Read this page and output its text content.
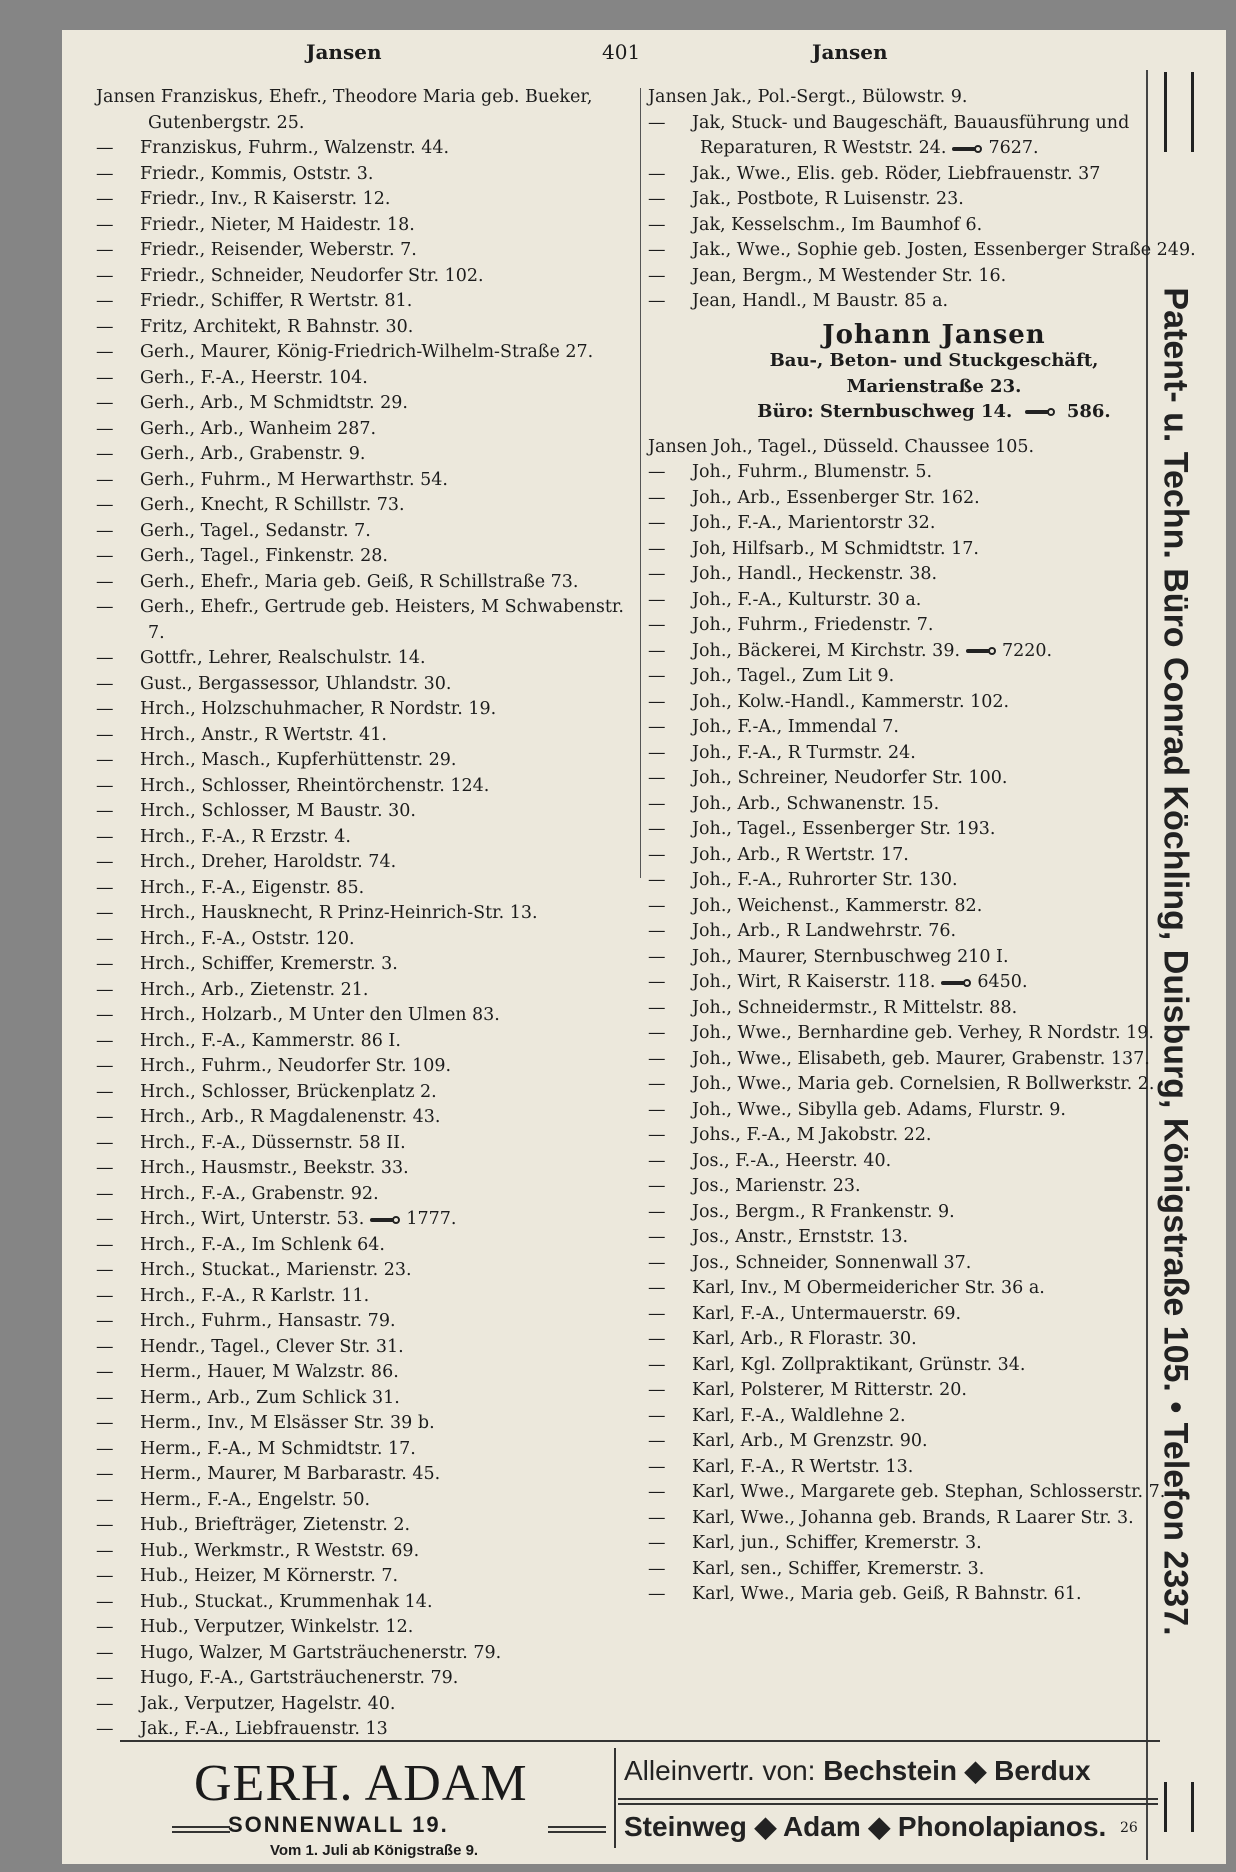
Jansen	401	Jansen
Jansen Franziskus, Ehefr., Theodore Maria geb. Bueker, Gutenbergstr. 25.
— Franziskus, Fuhrm., Walzenstr. 44.
— Friedr., Kommis, Oststr. 3.
— Friedr., Inv., R Kaiserstr. 12.
— Friedr., Nieter, M Haidestr. 18.
— Friedr., Reisender, Weberstr. 7.
— Friedr., Schneider, Neudorfer Str. 102.
— Friedr., Schiffer, R Wertstr. 81.
— Fritz, Architekt, R Bahnstr. 30.
— Gerh., Maurer, König-Friedrich-Wilhelm-Straße 27.
— Gerh., F.-A., Heerstr. 104.
— Gerh., Arb., M Schmidtstr. 29.
— Gerh., Arb., Wanheim 287.
— Gerh., Arb., Grabenstr. 9.
— Gerh., Fuhrm., M Herwarthstr. 54.
— Gerh., Knecht, R Schillstr. 73.
— Gerh., Tagel., Sedanstr. 7.
— Gerh., Tagel., Finkenstr. 28.
— Gerh., Ehefr., Maria geb. Geiß, R Schillstraße 73.
— Gerh., Ehefr., Gertrude geb. Heisters, M Schwabenstr. 7.
— Gottfr., Lehrer, Realschulstr. 14.
— Gust., Bergassessor, Uhlandstr. 30.
— Hrch., Holzschuhmacher, R Nordstr. 19.
— Hrch., Anstr., R Wertstr. 41.
— Hrch., Masch., Kupferhüttenstr. 29.
— Hrch., Schlosser, Rheintörchenstr. 124.
— Hrch., Schlosser, M Baustr. 30.
— Hrch., F.-A., R Erzstr. 4.
— Hrch., Dreher, Haroldstr. 74.
— Hrch., F.-A., Eigenstr. 85.
— Hrch., Hausknecht, R Prinz-Heinrich-Str. 13.
— Hrch., F.-A., Oststr. 120.
— Hrch., Schiffer, Kremerstr. 3.
— Hrch., Arb., Zietenstr. 21.
— Hrch., Holzarb., M Unter den Ulmen 83.
— Hrch., F.-A., Kammerstr. 86 I.
— Hrch., Fuhrm., Neudorfer Str. 109.
— Hrch., Schlosser, Brückenplatz 2.
— Hrch., Arb., R Magdalenenstr. 43.
— Hrch., F.-A., Düssernstr. 58 II.
— Hrch., Hausmstr., Beekstr. 33.
— Hrch., F.-A., Grabenstr. 92.
— Hrch., Wirt, Unterstr. 53. 1777.
— Hrch., F.-A., Im Schlenk 64.
— Hrch., Stuckat., Marienstr. 23.
— Hrch., F.-A., R Karlstr. 11.
— Hrch., Fuhrm., Hansastr. 79.
— Hendr., Tagel., Clever Str. 31.
— Herm., Hauer, M Walzstr. 86.
— Herm., Arb., Zum Schlick 31.
— Herm., Inv., M Elsässer Str. 39 b.
— Herm., F.-A., M Schmidtstr. 17.
— Herm., Maurer, M Barbarastr. 45.
— Herm., F.-A., Engelstr. 50.
— Hub., Briefträger, Zietenstr. 2.
— Hub., Werkmstr., R Weststr. 69.
— Hub., Heizer, M Körnerstr. 7.
— Hub., Stuckat., Krummenhak 14.
— Hub., Verputzer, Winkelstr. 12.
— Hugo, Walzer, M Gartsträuchenerstr. 79.
— Hugo, F.-A., Gartsträuchenerstr. 79.
— Jak., Verputzer, Hagelstr. 40.
— Jak., F.-A., Liebfrauenstr. 13
Jansen Jak., Pol.-Sergt., Bülowstr. 9.
— Jak, Stuck- und Baugeschäft, Bauausführung und Reparaturen, R Weststr. 24. 7627.
— Jak., Wwe., Elis. geb. Röder, Liebfrauenstr. 37
— Jak., Postbote, R Luisenstr. 23.
— Jak, Kesselschm., Im Baumhof 6.
— Jak., Wwe., Sophie geb. Josten, Essenberger Straße 249.
— Jean, Bergm., M Westender Str. 16.
— Jean, Handl., M Baustr. 85 a.
Johann Jansen
Bau-, Beton- und Stuckgeschäft,
Marienstraße 23.
Büro: Sternbuschweg 14.	586.
Jansen Joh., Tagel., Düsseld. Chaussee 105.
— Joh., Fuhrm., Blumenstr. 5.
— Joh., Arb., Essenberger Str. 162.
— Joh., F.-A., Marientorstr 32.
— Joh, Hilfsarb., M Schmidtstr. 17.
— Joh., Handl., Heckenstr. 38.
— Joh., F.-A., Kulturstr. 30 a.
— Joh., Fuhrm., Friedenstr. 7.
— Joh., Bäckerei, M Kirchstr. 39. 7220.
— Joh., Tagel., Zum Lit 9.
— Joh., Kolw.-Handl., Kammerstr. 102.
— Joh., F.-A., Immendal 7.
— Joh., F.-A., R Turmstr. 24.
— Joh., Schreiner, Neudorfer Str. 100.
— Joh., Arb., Schwanenstr. 15.
— Joh., Tagel., Essenberger Str. 193.
— Joh., Arb., R Wertstr. 17.
— Joh., F.-A., Ruhrorter Str. 130.
— Joh., Weichenst., Kammerstr. 82.
— Joh., Arb., R Landwehrstr. 76.
— Joh., Maurer, Sternbuschweg 210 I.
— Joh., Wirt, R Kaiserstr. 118. 6450.
— Joh., Schneidermstr., R Mittelstr. 88.
— Joh., Wwe., Bernhardine geb. Verhey, R Nordstr. 19.
— Joh., Wwe., Elisabeth, geb. Maurer, Grabenstr. 137.
— Joh., Wwe., Maria geb. Cornelsien, R Bollwerkstr. 2.
— Joh., Wwe., Sibylla geb. Adams, Flurstr. 9.
— Johs., F.-A., M Jakobstr. 22.
— Jos., F.-A., Heerstr. 40.
— Jos., Marienstr. 23.
— Jos., Bergm., R Frankenstr. 9.
— Jos., Anstr., Ernststr. 13.
— Jos., Schneider, Sonnenwall 37.
— Karl, Inv., M Obermeidericher Str. 36 a.
— Karl, F.-A., Untermauerstr. 69.
— Karl, Arb., R Florastr. 30.
— Karl, Kgl. Zollpraktikant, Grünstr. 34.
— Karl, Polsterer, M Ritterstr. 20.
— Karl, F.-A., Waldlehne 2.
— Karl, Arb., M Grenzstr. 90.
— Karl, F.-A., R Wertstr. 13.
— Karl, Wwe., Margarete geb. Stephan, Schlosserstr. 7.
— Karl, Wwe., Johanna geb. Brands, R Laarer Str. 3.
— Karl, jun., Schiffer, Kremerstr. 3.
— Karl, sen., Schiffer, Kremerstr. 3.
— Karl, Wwe., Maria geb. Geiß, R Bahnstr. 61.	Patent- u. Techn. Büro Conrad Köchling, Duisburg, Königstraße 105. • Telefon 2337.
GERH. ADAM
SONNENWALL 19.
Vom 1. Juli ab Königstraße 9.
Alleinvertr. von: Bechstein ◆ Berdux
Steinweg ◆ Adam ◆ Phonolapianos. 26
